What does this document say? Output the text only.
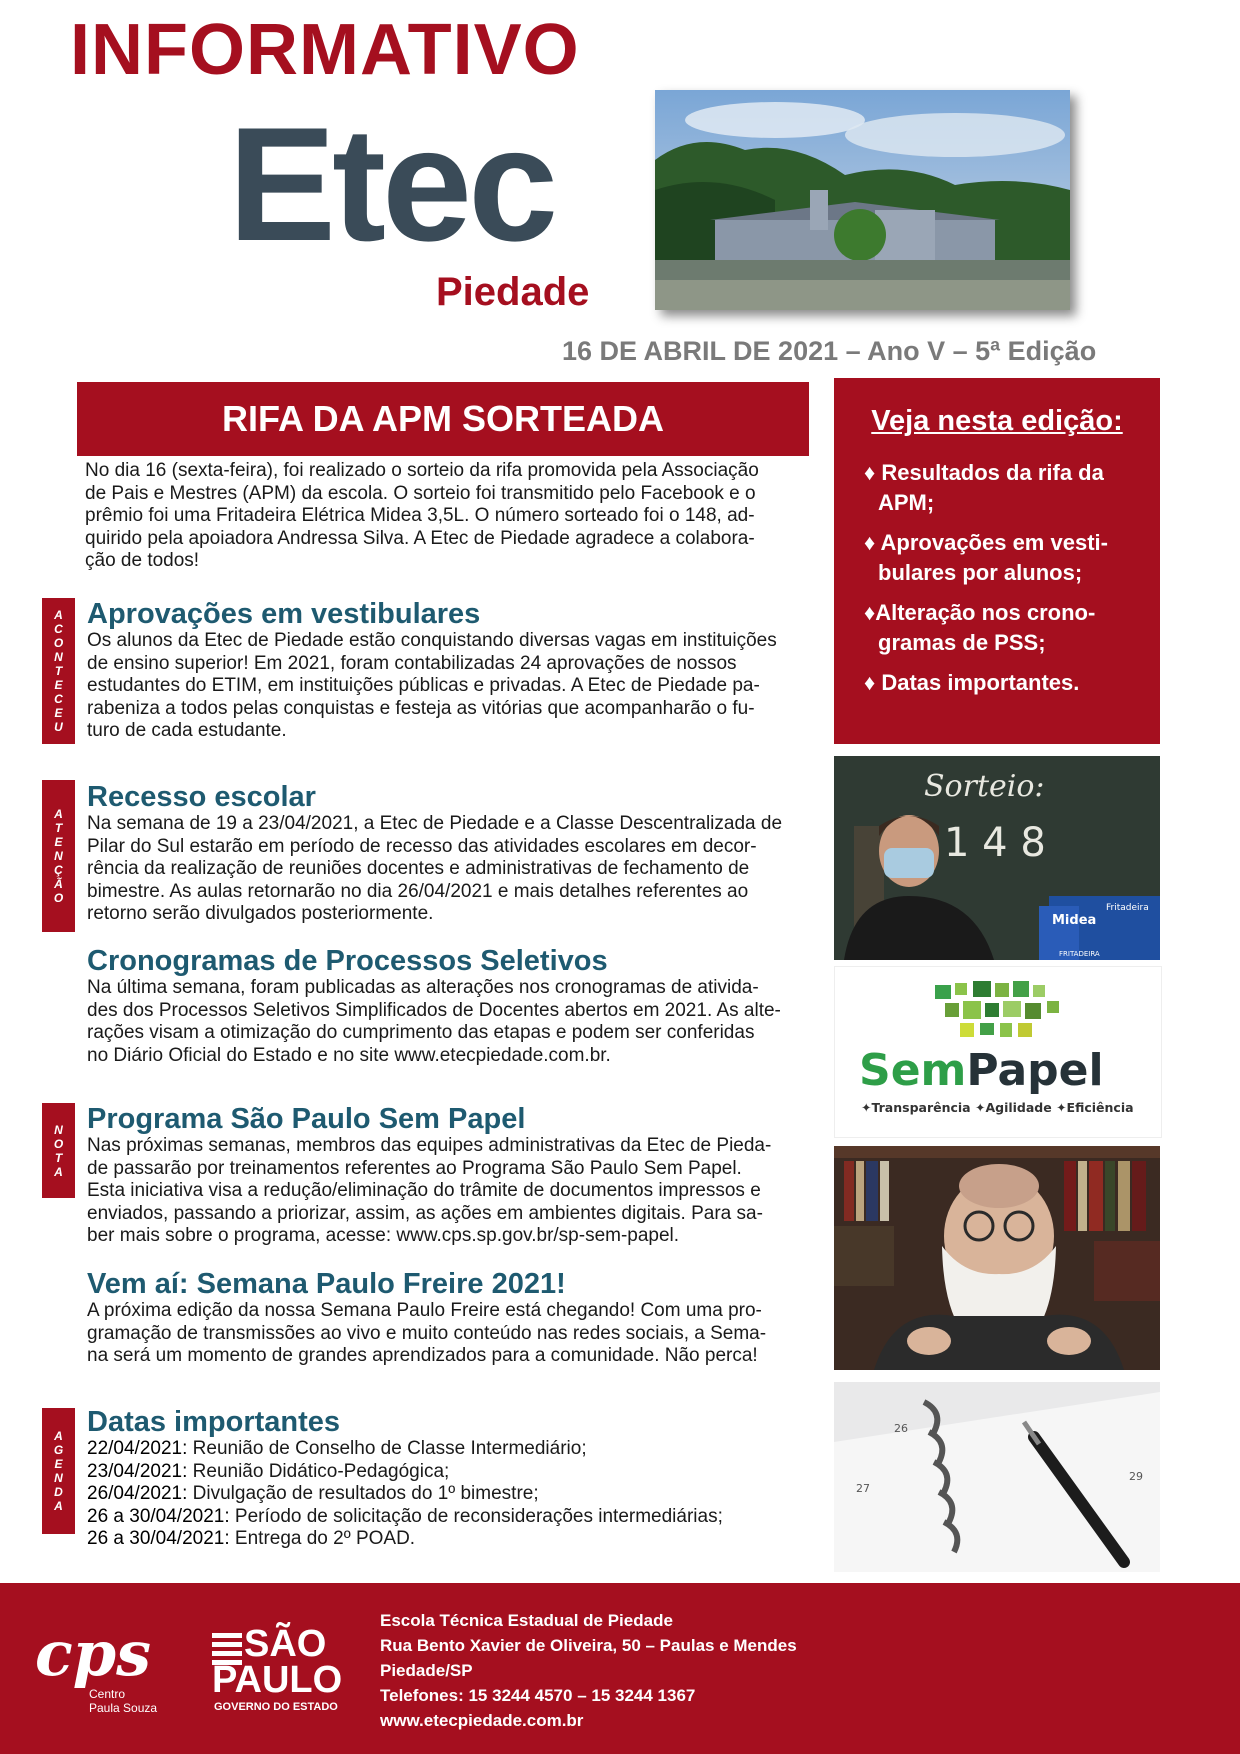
INFORMATIVO
Etec
Piedade
16 DE ABRIL DE 2021 – Ano V – 5ª Edição
RIFA DA APM SORTEADA
No dia 16 (sexta-feira), foi realizado o sorteio da rifa promovida pela Associação
de Pais e Mestres (APM) da escola. O sorteio foi transmitido pelo Facebook e o
prêmio foi uma Fritadeira Elétrica Midea 3,5L. O número sorteado foi o 148, ad-
quirido pela apoiadora Andressa Silva. A Etec de Piedade agradece a colabora-
ção de todos!
A
C
O
N
T
E
C
E
U
Aprovações em vestibulares
Os alunos da Etec de Piedade estão conquistando diversas vagas em instituições
de ensino superior! Em 2021, foram contabilizadas 24 aprovações de nossos
estudantes do ETIM, em instituições públicas e privadas. A Etec de Piedade pa-
rabeniza a todos pelas conquistas e festeja as vitórias que acompanharão o fu-
turo de cada estudante.
A
T
E
N
Ç
Ã
O
Recesso escolar
Na semana de 19 a 23/04/2021, a Etec de Piedade e a Classe Descentralizada de
Pilar do Sul estarão em período de recesso das atividades escolares em decor-
rência da realização de reuniões docentes e administrativas de fechamento de
bimestre. As aulas retornarão no dia 26/04/2021 e mais detalhes referentes ao
retorno serão divulgados posteriormente.
Cronogramas de Processos Seletivos
Na última semana, foram publicadas as alterações nos cronogramas de ativida-
des dos Processos Seletivos Simplificados de Docentes abertos em 2021. As alte-
rações visam a otimização do cumprimento das etapas e podem ser conferidas
no Diário Oficial do Estado e no site www.etecpiedade.com.br.
N
O
T
A
Programa São Paulo Sem Papel
Nas próximas semanas, membros das equipes administrativas da Etec de Pieda-
de passarão por treinamentos referentes ao Programa São Paulo Sem Papel.
Esta iniciativa visa a redução/eliminação do trâmite de documentos impressos e
enviados, passando a priorizar, assim, as ações em ambientes digitais. Para sa-
ber mais sobre o programa, acesse: www.cps.sp.gov.br/sp-sem-papel.
Vem aí: Semana Paulo Freire 2021!
A próxima edição da nossa Semana Paulo Freire está chegando! Com uma pro-
gramação de transmissões ao vivo e muito conteúdo nas redes sociais, a Sema-
na será um momento de grandes aprendizados para a comunidade. Não perca!
A
G
E
N
D
A
Datas importantes
22/04/2021: Reunião de Conselho de Classe Intermediário;
23/04/2021: Reunião Didático-Pedagógica;
26/04/2021: Divulgação de resultados do 1º bimestre;
26 a 30/04/2021: Período de solicitação de reconsiderações intermediárias;
26 a 30/04/2021: Entrega do 2º POAD.
Veja nesta edição:
♦ Resultados da rifa da
APM;
♦ Aprovações em vesti-
bulares por alunos;
♦Alteração nos crono-
gramas de PSS;
♦ Datas importantes.
Sorteio:
1 4 8
Midea
Fritadeira
FRITADEIRA
SemPapel
✦Transparência ✦Agilidade ✦Eficiência
26
27
29
cps
Centro
Paula Souza
SÃO
PAULO
GOVERNO DO ESTADO
Escola Técnica Estadual de Piedade
Rua Bento Xavier de Oliveira, 50 – Paulas e Mendes
Piedade/SP
Telefones: 15 3244 4570 – 15 3244 1367
www.etecpiedade.com.br
